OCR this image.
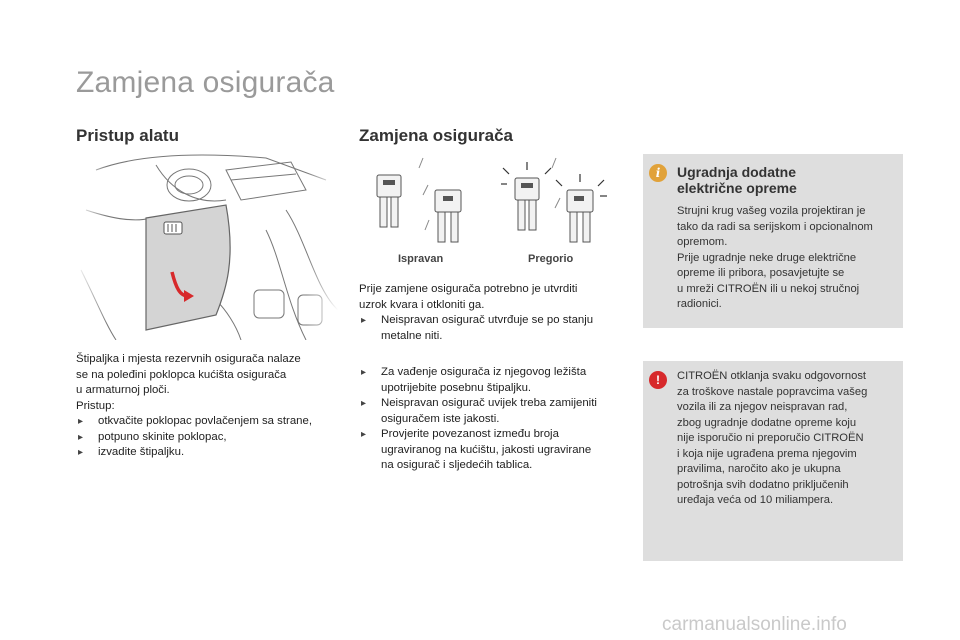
Zamjena osigurača
Pristup alatu
Štipaljka i mjesta rezervnih osigurača nalaze
se na poleđini poklopca kućišta osigurača
u armaturnoj ploči.
Pristup:
▸ otkvačite poklopac povlačenjem sa strane,
▸ potpuno skinite poklopac,
▸ izvadite štipaljku.
Zamjena osigurača
Ispravan	Pregorio
Prije zamjene osigurača potrebno je utvrditi
uzrok kvara i otkloniti ga.
▸ Neispravan osigurač utvrđuje se po stanju
metalne niti.
▸ Za vađenje osigurača iz njegovog ležišta
upotrijebite posebnu štipaljku.
▸ Neispravan osigurač uvijek treba zamijeniti
osiguračem iste jakosti.
▸ Provjerite povezanost između broja
ugraviranog na kućištu, jakosti ugravirane
na osigurač i sljedećih tablica.
i	Ugradnja dodatne
električne opreme
Strujni krug vašeg vozila projektiran je
tako da radi sa serijskom i opcionalnom
opremom.
Prije ugradnje neke druge električne
opreme ili pribora, posavjetujte se
u mreži CITROËN ili u nekoj stručnoj
radionici.
!	CITROËN otklanja svaku odgovornost
za troškove nastale popravcima vašeg
vozila ili za njegov neispravan rad,
zbog ugradnje dodatne opreme koju
nije isporučio ni preporučio CITROËN
i koja nije ugrađena prema njegovim
pravilima, naročito ako je ukupna
potrošnja svih dodatno priključenih
uređaja veća od 10 miliampera.
carmanualsonline.info
